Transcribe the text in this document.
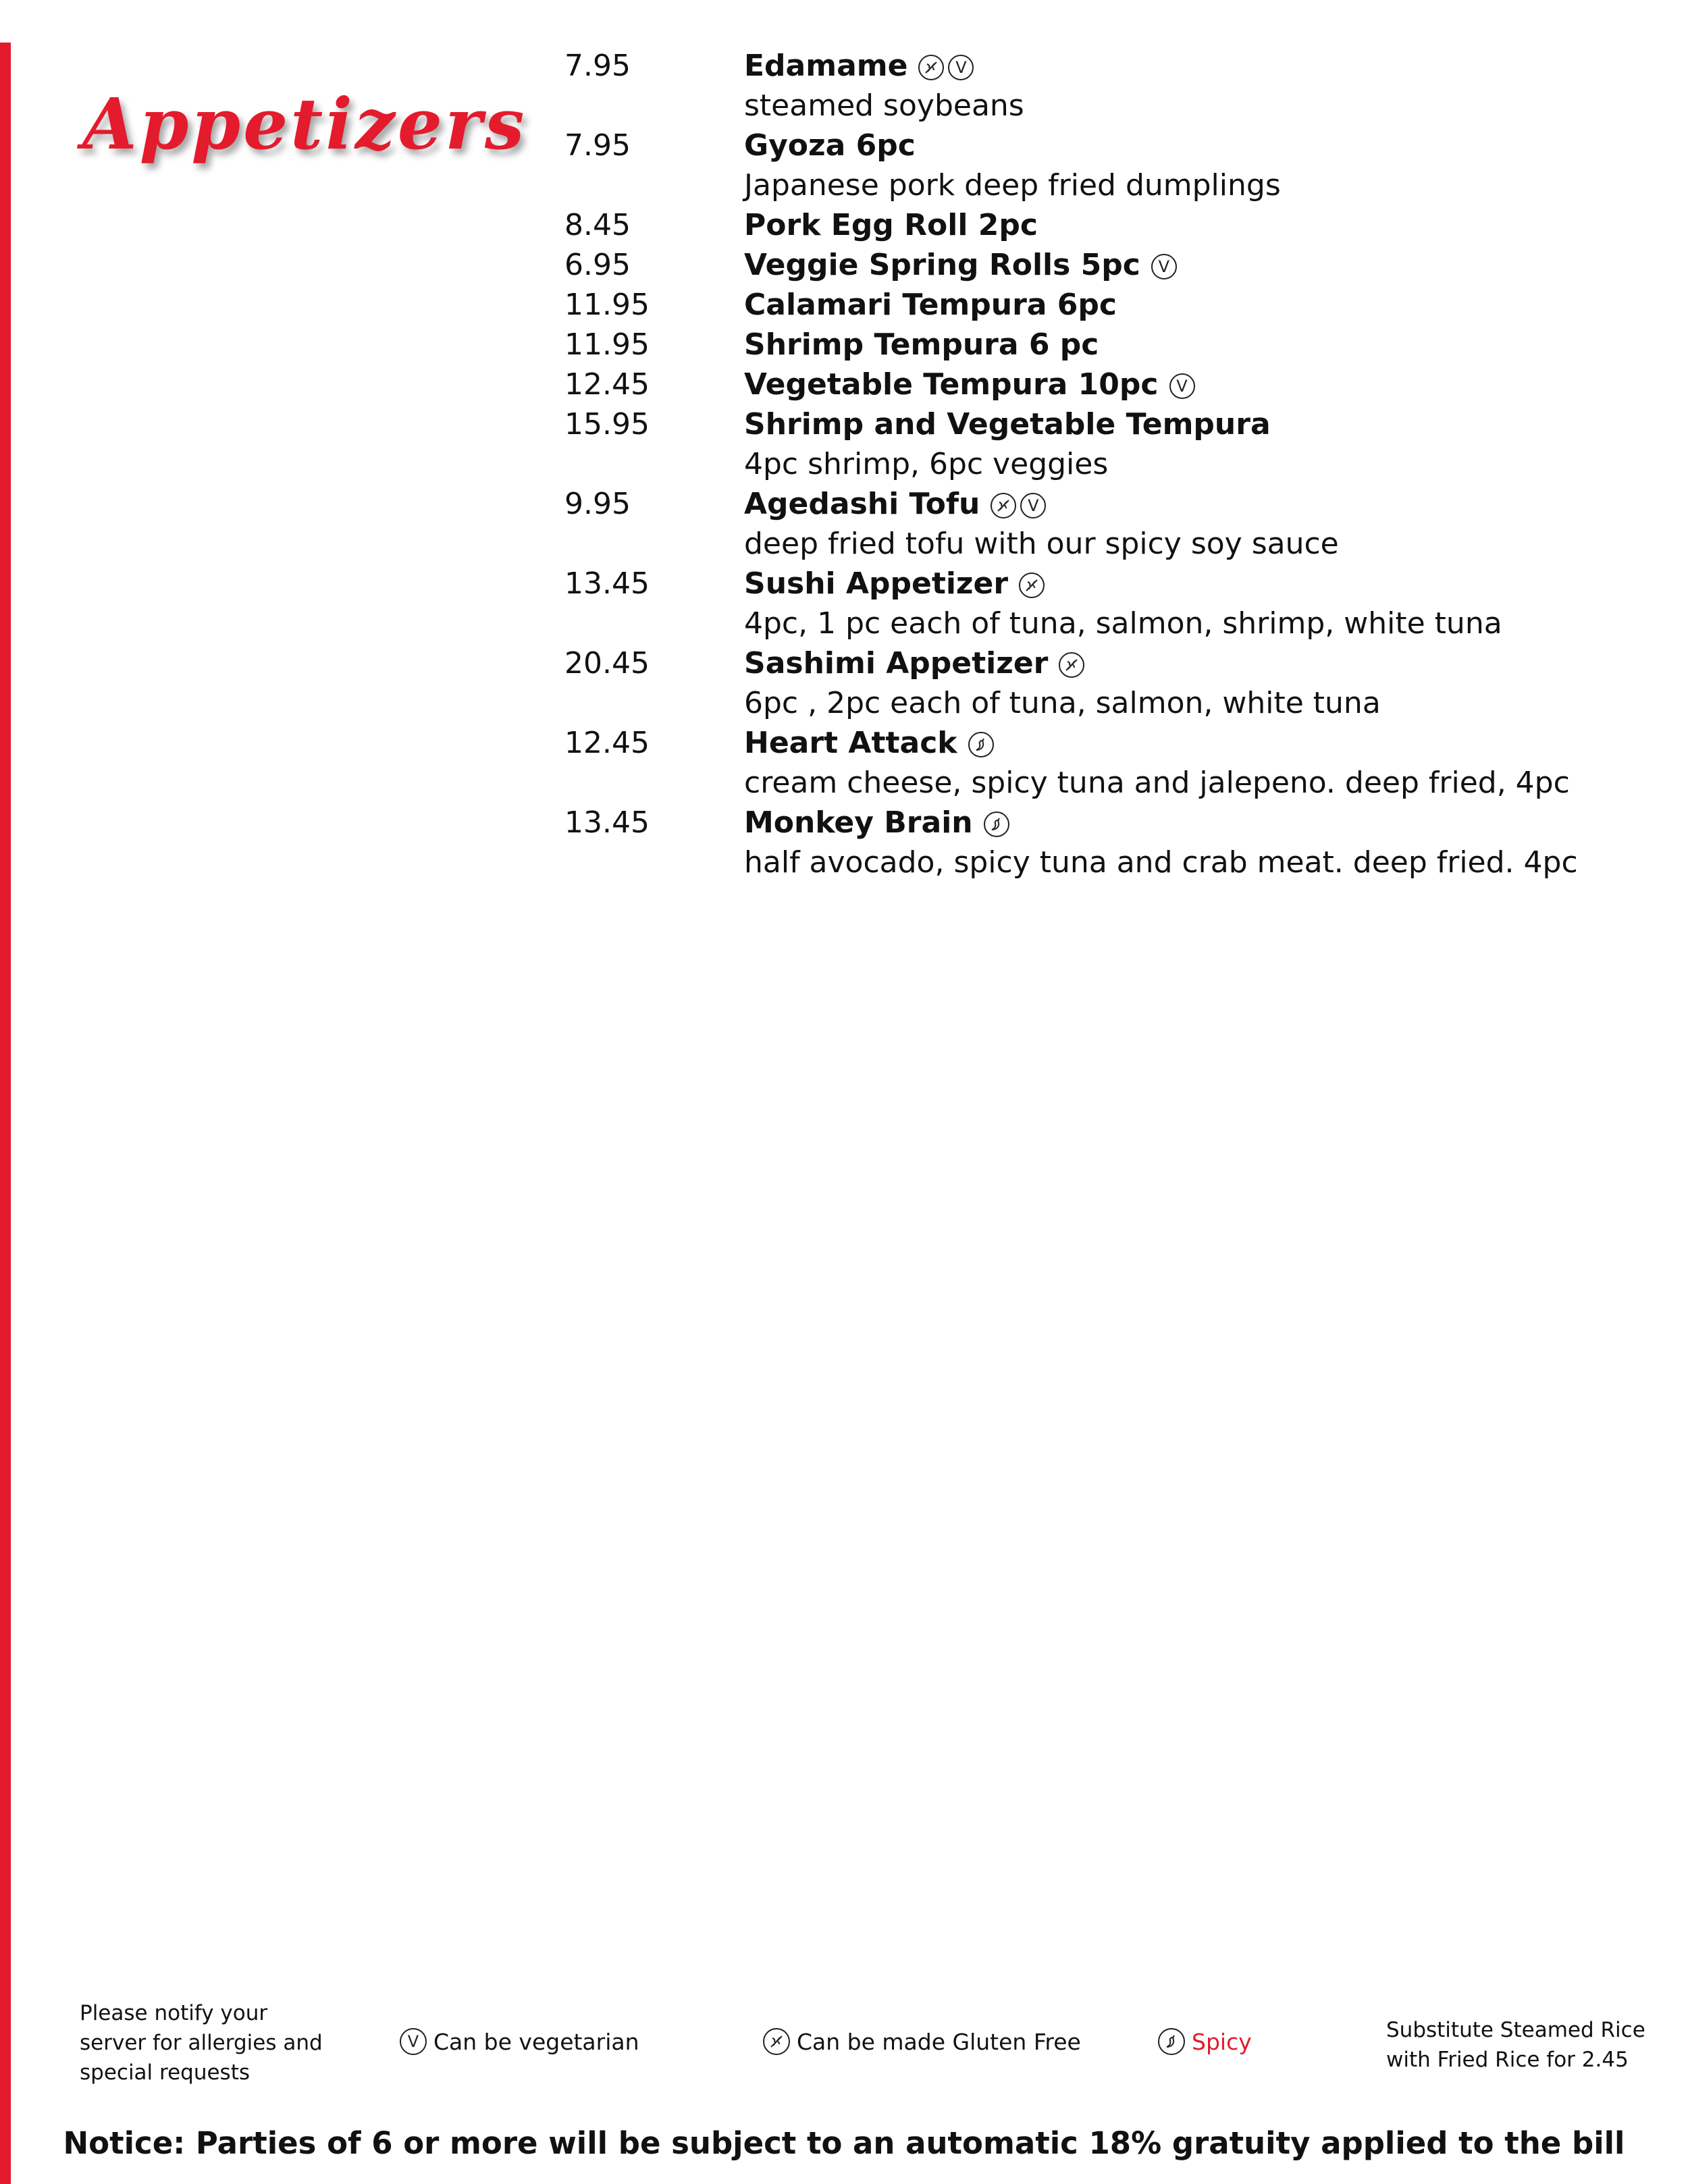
Appetizers
7.95	Edamame	V
steamed soybeans
7.95	Gyoza 6pc
Japanese pork deep fried dumplings
8.45	Pork Egg Roll 2pc
6.95	Veggie Spring Rolls 5pc V
11.95	Calamari Tempura 6pc
11.95	Shrimp Tempura 6 pc
12.45	Vegetable Tempura 10pc V
15.95	Shrimp and Vegetable Tempura
4pc shrimp, 6pc veggies
9.95	Agedashi Tofu	V
deep fried tofu with our spicy soy sauce
13.45	Sushi Appetizer
4pc, 1 pc each of tuna, salmon, shrimp, white tuna
20.45	Sashimi Appetizer
6pc , 2pc each of tuna, salmon, white tuna
12.45	Heart Attack
cream cheese, spicy tuna and jalepeno. deep fried, 4pc
13.45	Monkey Brain
half avocado, spicy tuna and crab meat. deep fried. 4pc
Please notify your
server for allergies and
special requests
V Can be vegetarian	Can be made Gluten Free	Spicy	Substitute Steamed Rice
with Fried Rice for 2.45
Notice: Parties of 6 or more will be subject to an automatic 18% gratuity applied to the bill
